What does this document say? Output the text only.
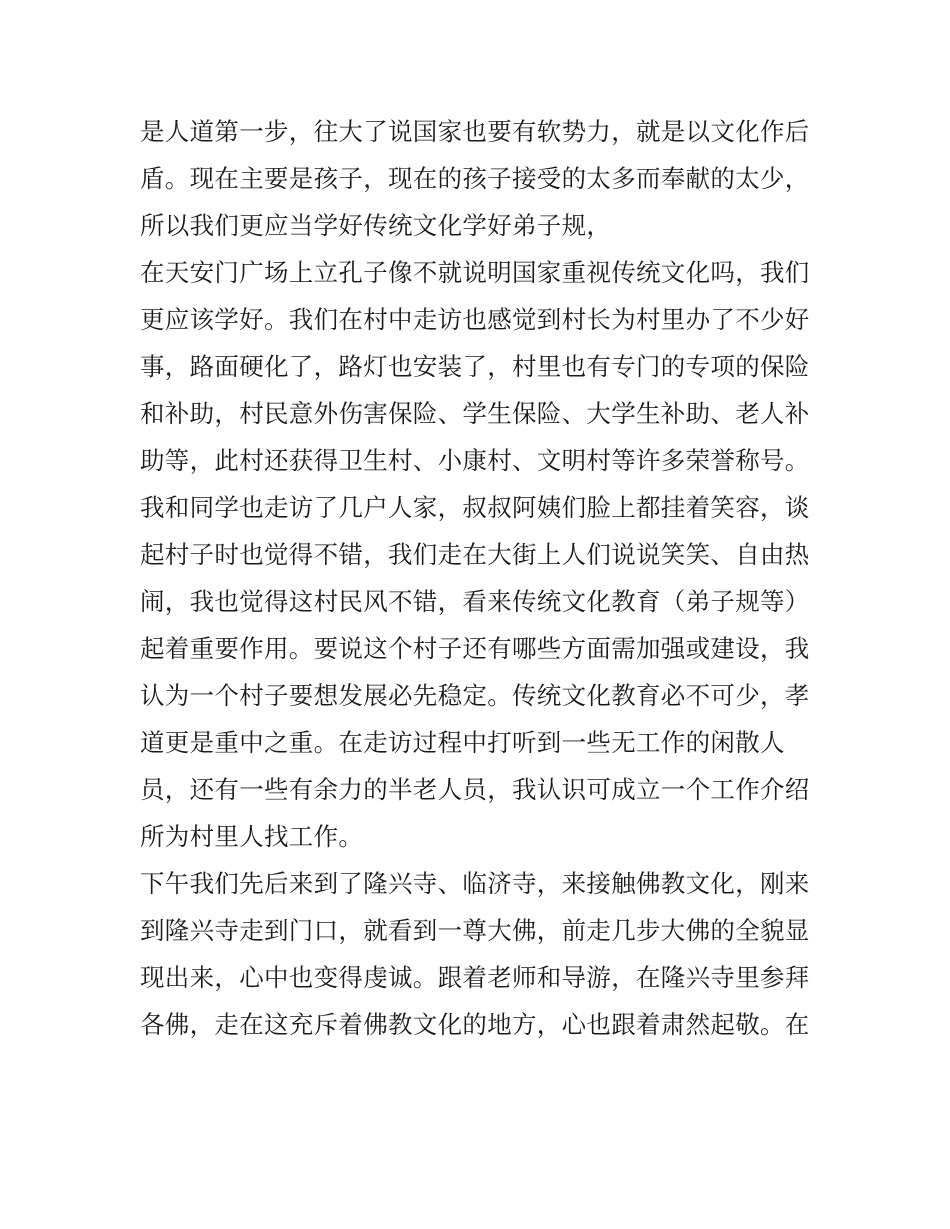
是人道第一步，往大了说国家也要有软势力，就是以文化作后
盾。现在主要是孩子，现在的孩子接受的太多而奉献的太少，
所以我们更应当学好传统文化学好弟子规，
在天安门广场上立孔子像不就说明国家重视传统文化吗，我们
更应该学好。我们在村中走访也感觉到村长为村里办了不少好
事，路面硬化了，路灯也安装了，村里也有专门的专项的保险
和补助，村民意外伤害保险、学生保险、大学生补助、老人补
助等，此村还获得卫生村、小康村、文明村等许多荣誉称号。
我和同学也走访了几户人家，叔叔阿姨们脸上都挂着笑容，谈
起村子时也觉得不错，我们走在大街上人们说说笑笑、自由热
闹，我也觉得这村民风不错，看来传统文化教育（弟子规等）
起着重要作用。要说这个村子还有哪些方面需加强或建设，我
认为一个村子要想发展必先稳定。传统文化教育必不可少，孝
道更是重中之重。在走访过程中打听到一些无工作的闲散人
员，还有一些有余力的半老人员，我认识可成立一个工作介绍
所为村里人找工作。
下午我们先后来到了隆兴寺、临济寺，来接触佛教文化，刚来
到隆兴寺走到门口，就看到一尊大佛，前走几步大佛的全貌显
现出来，心中也变得虔诚。跟着老师和导游，在隆兴寺里参拜
各佛，走在这充斥着佛教文化的地方，心也跟着肃然起敬。在
